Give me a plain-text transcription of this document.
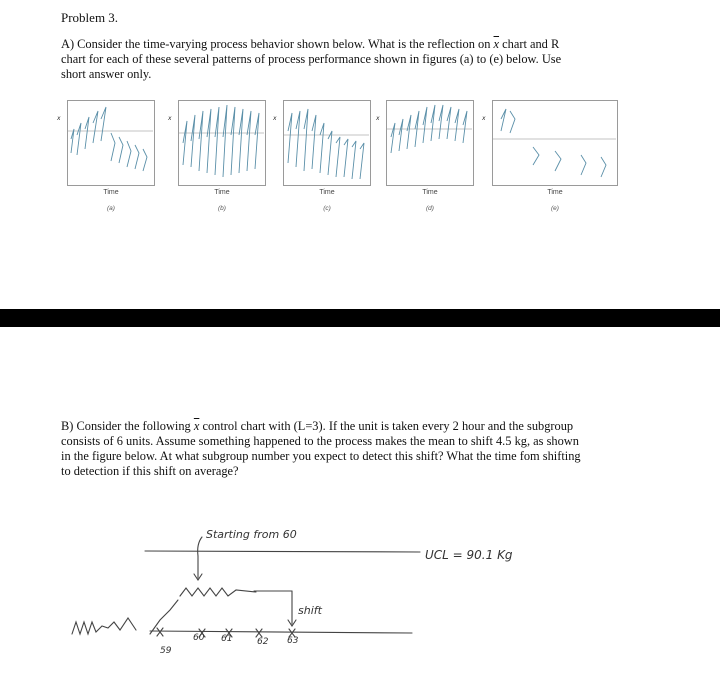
Problem 3.
A) Consider the time-varying process behavior shown below. What is the reflection on $\overline{x}$ chart and R
chart for each of these several patterns of process performance shown in figures (a) to (e) below. Use
short answer only.
x
Time
(a)
x
Time
(b)
x
Time
(c)
x
Time
(d)
x
Time
(e)
B) Consider the following $\overline{x}$ control chart with (L=3). If the unit is taken every 2 hour and the subgroup
consists of 6 units. Assume something happened to the process makes the mean to shift 4.5 kg, as shown
in the figure below. At what subgroup number you expect to detect this shift? What the time fom shifting
to detection if this shift on average?
Starting from 60
UCL = 90.1 Kg
shift
59
60 61	62 63
